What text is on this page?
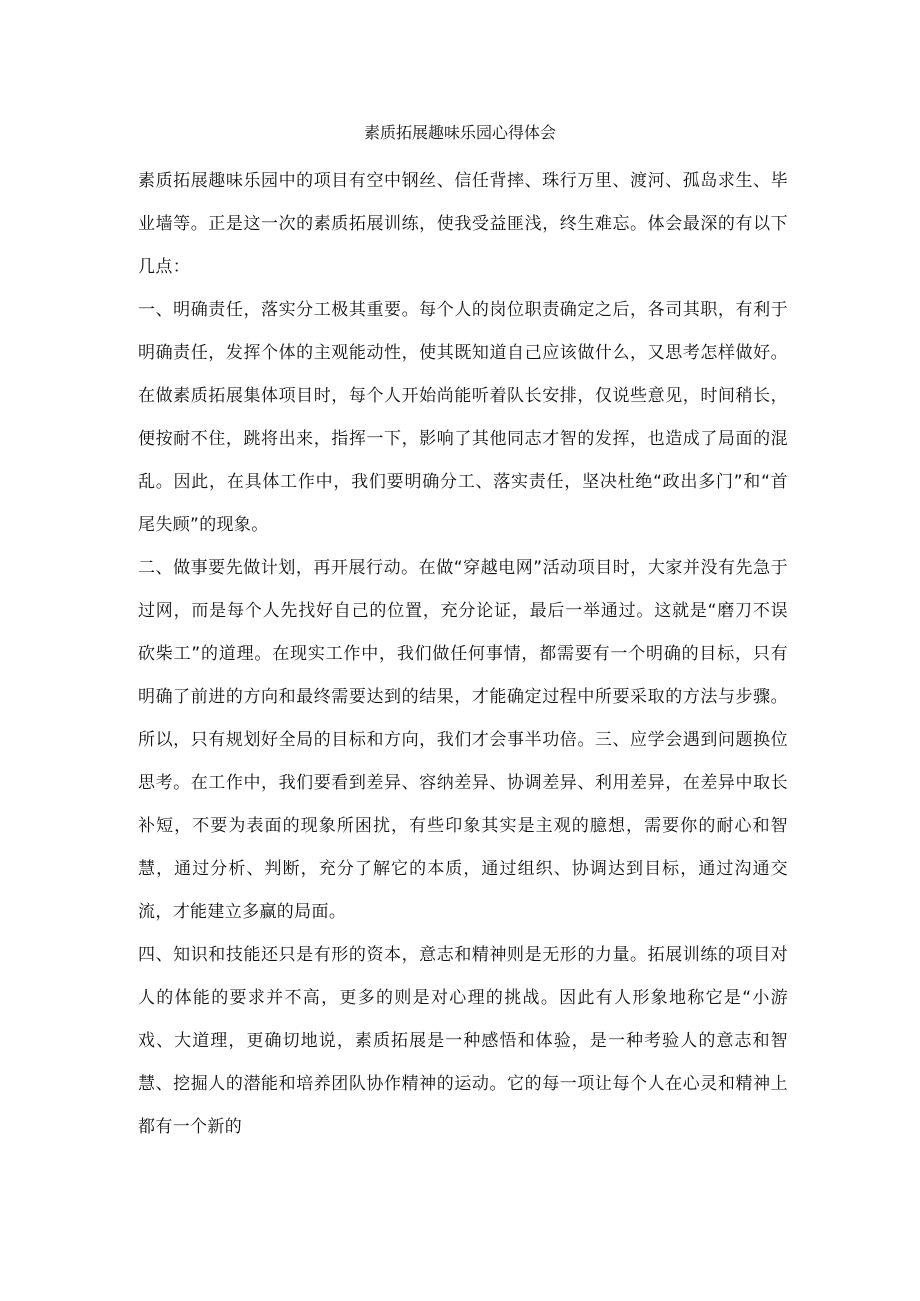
素质拓展趣味乐园心得体会

素质拓展趣味乐园中的项目有空中钢丝、信任背摔、珠行万里、渡河、孤岛求生、毕业墙等。正是这一次的素质拓展训练，使我受益匪浅，终生难忘。体会最深的有以下几点：

一、明确责任，落实分工极其重要。每个人的岗位职责确定之后，各司其职，有利于明确责任，发挥个体的主观能动性，使其既知道自己应该做什么，又思考怎样做好。在做素质拓展集体项目时，每个人开始尚能听着队长安排，仅说些意见，时间稍长，便按耐不住，跳将出来，指挥一下，影响了其他同志才智的发挥，也造成了局面的混乱。因此，在具体工作中，我们要明确分工、落实责任，坚决杜绝“政出多门”和“首尾失顾”的现象。

二、做事要先做计划，再开展行动。在做“穿越电网”活动项目时，大家并没有先急于过网，而是每个人先找好自己的位置，充分论证，最后一举通过。这就是“磨刀不误砍柴工”的道理。在现实工作中，我们做任何事情，都需要有一个明确的目标，只有明确了前进的方向和最终需要达到的结果，才能确定过程中所要采取的方法与步骤。所以，只有规划好全局的目标和方向，我们才会事半功倍。三、应学会遇到问题换位思考。在工作中，我们要看到差异、容纳差异、协调差异、利用差异，在差异中取长补短，不要为表面的现象所困扰，有些印象其实是主观的臆想，需要你的耐心和智慧，通过分析、判断，充分了解它的本质，通过组织、协调达到目标，通过沟通交流，才能建立多赢的局面。

四、知识和技能还只是有形的资本，意志和精神则是无形的力量。拓展训练的项目对人的体能的要求并不高，更多的则是对心理的挑战。因此有人形象地称它是“小游戏、大道理，更确切地说，素质拓展是一种感悟和体验，是一种考验人的意志和智慧、挖掘人的潜能和培养团队协作精神的运动。它的每一项让每个人在心灵和精神上都有一个新的
